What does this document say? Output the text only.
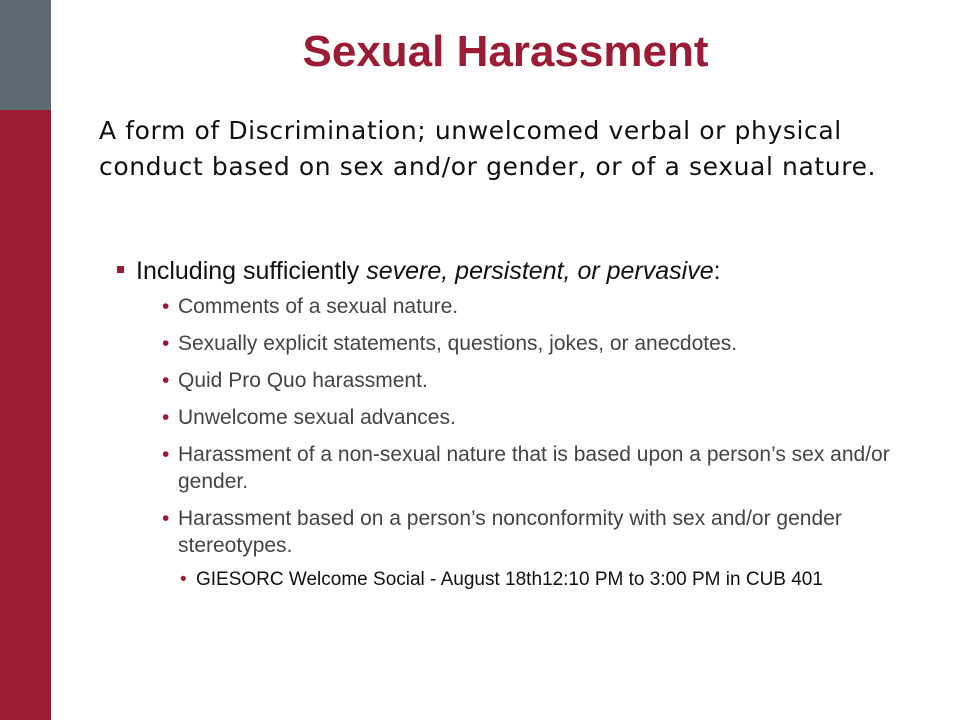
Sexual Harassment
A form of Discrimination; unwelcomed verbal or physical conduct based on sex and/or gender, or of a sexual nature.
Including sufficiently severe, persistent, or pervasive:
• Comments of a sexual nature.
• Sexually explicit statements, questions, jokes, or anecdotes.
• Quid Pro Quo harassment.
• Unwelcome sexual advances.
• Harassment of a non-sexual nature that is based upon a person’s sex and/or gender.
• Harassment based on a person’s nonconformity with sex and/or gender stereotypes.
• GIESORC Welcome Social - August 18th12:10 PM to 3:00 PM in CUB 401
